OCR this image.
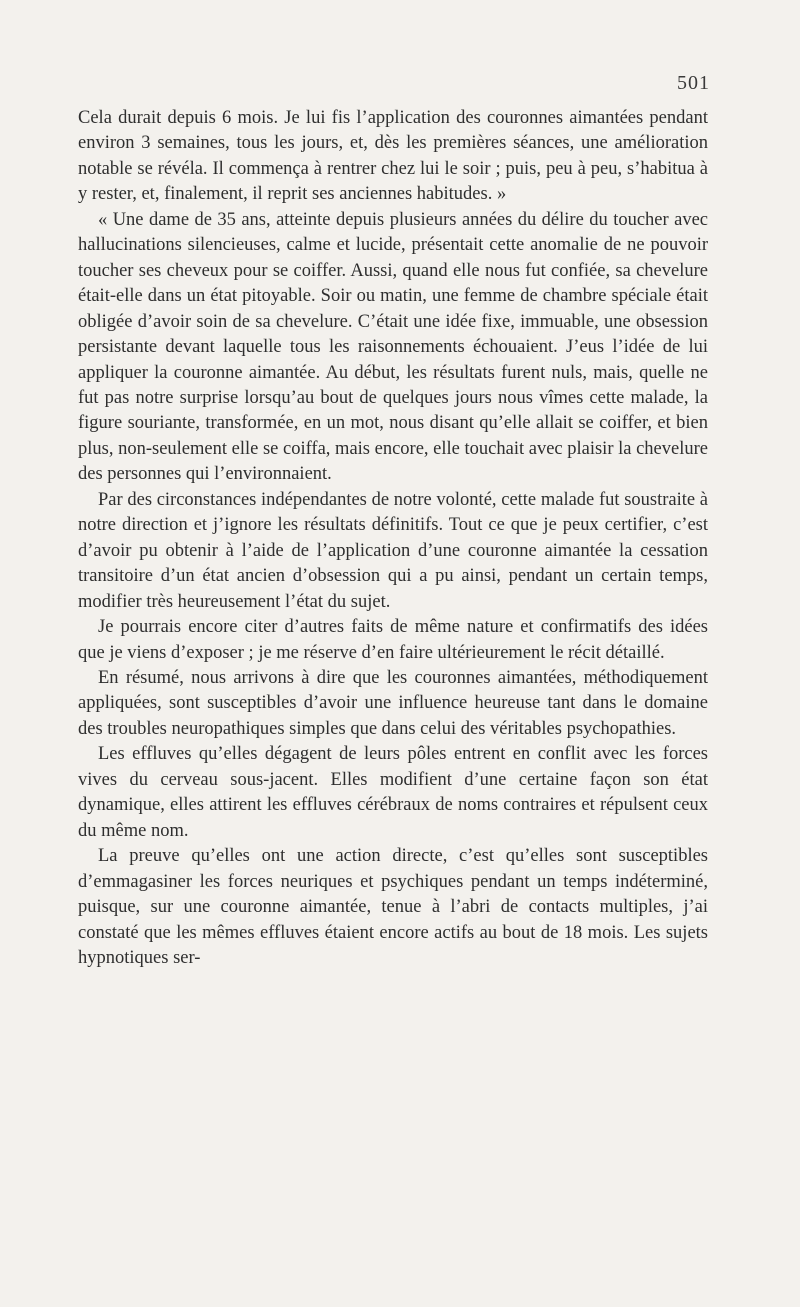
501

Cela durait depuis 6 mois. Je lui fis l’application des couronnes aimantées pendant environ 3 semaines, tous les jours, et, dès les premières séances, une amélioration notable se révéla. Il commença à rentrer chez lui le soir ; puis, peu à peu, s’habitua à y rester, et, finalement, il reprit ses anciennes habitudes. »

« Une dame de 35 ans, atteinte depuis plusieurs années du délire du toucher avec hallucinations silencieuses, calme et lucide, présentait cette anomalie de ne pouvoir toucher ses cheveux pour se coiffer. Aussi, quand elle nous fut confiée, sa chevelure était-elle dans un état pitoyable. Soir ou matin, une femme de chambre spéciale était obligée d’avoir soin de sa chevelure. C’était une idée fixe, immuable, une obsession persistante devant laquelle tous les raisonnements échouaient. J’eus l’idée de lui appliquer la couronne aimantée. Au début, les résultats furent nuls, mais, quelle ne fut pas notre surprise lorsqu’au bout de quelques jours nous vîmes cette malade, la figure souriante, transformée, en un mot, nous disant qu’elle allait se coiffer, et bien plus, non-seulement elle se coiffa, mais encore, elle touchait avec plaisir la chevelure des personnes qui l’environnaient.

Par des circonstances indépendantes de notre volonté, cette malade fut soustraite à notre direction et j’ignore les résultats définitifs. Tout ce que je peux certifier, c’est d’avoir pu obtenir à l’aide de l’application d’une couronne aimantée la cessation transitoire d’un état ancien d’obsession qui a pu ainsi, pendant un certain temps, modifier très heureusement l’état du sujet.

Je pourrais encore citer d’autres faits de même nature et confirmatifs des idées que je viens d’exposer ; je me réserve d’en faire ultérieurement le récit détaillé.

En résumé, nous arrivons à dire que les couronnes aimantées, méthodiquement appliquées, sont susceptibles d’avoir une influence heureuse tant dans le domaine des troubles neuropathiques simples que dans celui des véritables psychopathies.

Les effluves qu’elles dégagent de leurs pôles entrent en conflit avec les forces vives du cerveau sous-jacent. Elles modifient d’une certaine façon son état dynamique, elles attirent les effluves cérébraux de noms contraires et répulsent ceux du même nom.

La preuve qu’elles ont une action directe, c’est qu’elles sont susceptibles d’emmagasiner les forces neuriques et psychiques pendant un temps indéterminé, puisque, sur une couronne aimantée, tenue à l’abri de contacts multiples, j’ai constaté que les mêmes effluves étaient encore actifs au bout de 18 mois. Les sujets hypnotiques ser-
